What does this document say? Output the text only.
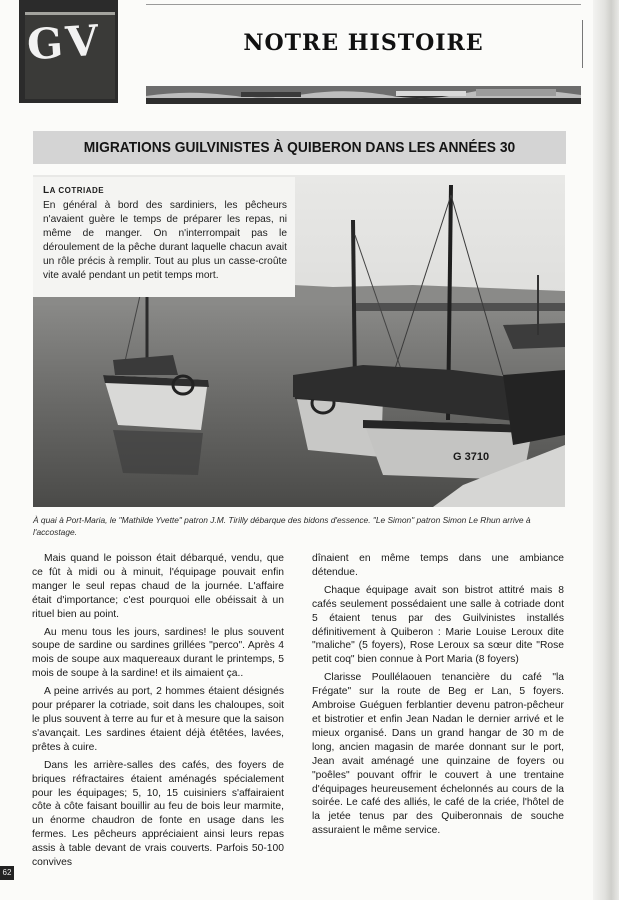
GV	NOTRE HISTOIRE
MIGRATIONS GUILVINISTES À QUIBERON DANS LES ANNÉES 30
G 3710
LA COTRIADE

En général à bord des sardiniers, les pêcheurs n'avaient guère le temps de préparer les repas, ni même de manger. On n'interrompait pas le déroulement de la pêche durant laquelle chacun avait un rôle précis à remplir. Tout au plus un casse-croûte vite avalé pendant un petit temps mort.

À quai à Port-Maria, le "Mathilde Yvette" patron J.M. Tirilly débarque des bidons d'essence. "Le Simon" patron Simon Le Rhun arrive à l'accostage.

Mais quand le poisson était débarqué, vendu, que ce fût à midi ou à minuit, l'équipage pouvait enfin manger le seul repas chaud de la journée. L'affaire était d'importance; c'est pourquoi elle obéissait à un rituel bien au point.

Au menu tous les jours, sardines! le plus souvent soupe de sardine ou sardines grillées "perco". Après 4 mois de soupe aux maquereaux durant le printemps, 5 mois de soupe à la sardine! et ils aimaient ça..

A peine arrivés au port, 2 hommes étaient désignés pour préparer la cotriade, soit dans les chaloupes, soit le plus souvent à terre au fur et à mesure que la saison s'avançait. Les sardines étaient déjà étêtées, lavées, prêtes à cuire.

Dans les arrière-salles des cafés, des foyers de briques réfractaires étaient aménagés spécialement pour les équipages; 5, 10, 15 cuisiniers s'affairaient côte à côte faisant bouillir au feu de bois leur marmite, un énorme chaudron de fonte en usage dans les fermes. Les pêcheurs appréciaient ainsi leurs repas assis à table devant de vrais couverts. Parfois 50-100 convives

dînaient en même temps dans une ambiance détendue.

Chaque équipage avait son bistrot attitré mais 8 cafés seulement possédaient une salle à cotriade dont 5 étaient tenus par des Guilvinistes installés définitivement à Quiberon : Marie Louise Leroux dite "maliche" (5 foyers), Rose Leroux sa sœur dite "Rose petit coq" bien connue à Port Maria (8 foyers)

Clarisse Poullélaouen tenancière du café "la Frégate" sur la route de Beg er Lan, 5 foyers. Ambroise Guéguen ferblantier devenu patron-pêcheur et bistrotier et enfin Jean Nadan le dernier arrivé et le mieux organisé. Dans un grand hangar de 30 m de long, ancien magasin de marée donnant sur le port, Jean avait aménagé une quinzaine de foyers ou "poêles" pouvant offrir le couvert à une trentaine d'équipages heureusement échelonnés au cours de la soirée. Le café des alliés, le café de la criée, l'hôtel de la jetée tenus par des Quiberonnais de souche assuraient le même service.

62
